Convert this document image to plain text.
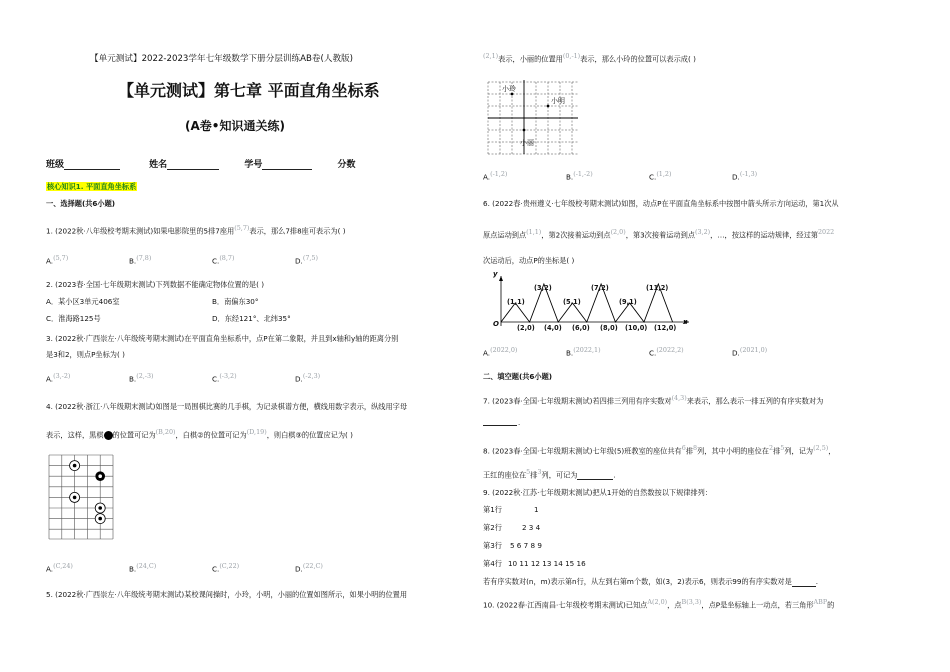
【单元测试】2022-2023学年七年级数学下册分层训练AB卷(人教版)
【单元测试】第七章 平面直角坐标系
(A卷•知识通关练)
班级	姓名	学号	分数
核心知识1. 平面直角坐标系
一、选择题(共6小题)
1. (2022秋·八年级校考期末测试)如果电影院里的5排7座用$^{(5,7)}$表示，那么7排8座可表示为( )
A.$^{(5,7)}$	B.$^{(7,8)}$	C.$^{(8,7)}$	D.$^{(7,5)}$
2. (2023春·全国·七年级期末测试)下列数据不能确定物体位置的是( )
A．某小区3单元406室	B．南偏东30°
C．淮海路125号	D．东经121°、北纬35°
3. (2022秋·广西崇左·八年级统考期末测试)在平面直角坐标系中，点P在第二象限，并且到x轴和y轴的距离分别
是3和2，则点P坐标为( )
A.$^{(3,-2)}$	B.$^{(2,-3)}$	C.$^{(-3,2)}$	D.$^{(-2,3)}$
4. (2022秋·浙江·八年级期末测试)如图是一局围棋比赛的几手棋，为记录棋谱方便，横线用数字表示，纵线用字母
表示，这样，黑棋 的位置可记为$^{(B,20)}$，白棋②的位置可记为$^{(D,19)}$，则白棋⑨的位置应记为( )
A.$^{(C,24)}$	B.$^{(24,C)}$	C.$^{(C,22)}$	D.$^{(22,C)}$
5. (2022秋·广西崇左·八年级统考期末测试)某校课间操时，小玲，小明，小丽的位置如图所示，如果小明的位置用
$^{(2,1)}$表示，小丽的位置用$^{(0,-1)}$表示，那么小玲的位置可以表示成( )
小玲
小明
小丽
A.$^{(-1,2)}$	B.$^{(-1,-2)}$	C.$^{(1,2)}$	D.$^{(-1,3)}$
6. (2022春·贵州遵义·七年级校考期末测试)如图，动点P在平面直角坐标系中按图中箭头所示方向运动，第1次从
原点运动到点$^{(1,1)}$，第2次接着运动到点$^{(2,0)}$，第3次接着运动到点$^{(3,2)}$，…，按这样的运动规律，经过第$^{2022}$
次运动后，动点P的坐标是( )
y
x
O
(1,1)
(3,2)
(5,1)
(7,2)
(9,1)
(11,2)
(2,0) (4,0) (6,0) (8,0) (10,0) (12,0)
A.$^{(2022,0)}$	B.$^{(2022,1)}$	C.$^{(2022,2)}$	D.$^{(2021,0)}$
二、填空题(共6小题)
7. (2023春·全国·七年级期末测试)若四排三列用有序实数对$^{(4,3)}$来表示，那么表示一排五列的有序实数对为
.
8. (2023春·全国·七年级期末测试)七年级(5)班教室的座位共有$^6$排$^8$列，其中小明的座位在$^2$排$^5$列，记为$^{(2,5)}$，
王红的座位在$^5$排$^3$列，可记为	.
9. (2022秋·江苏·七年级期末测试)把从1开始的自然数按以下规律排列：
第1行	1
第2行	2 3 4
第3行 5 6 7 8 9
第4行 10 11 12 13 14 15 16
若有序实数对(n，m)表示第n行，从左到右第m个数，如(3，2)表示6，则表示99的有序实数对是	.
10. (2022春·江西南昌·七年级校考期末测试)已知点$^{A(2,0)}$，点$^{B(3,3)}$，点P是坐标轴上一动点，若三角形$^{ABP}$的
